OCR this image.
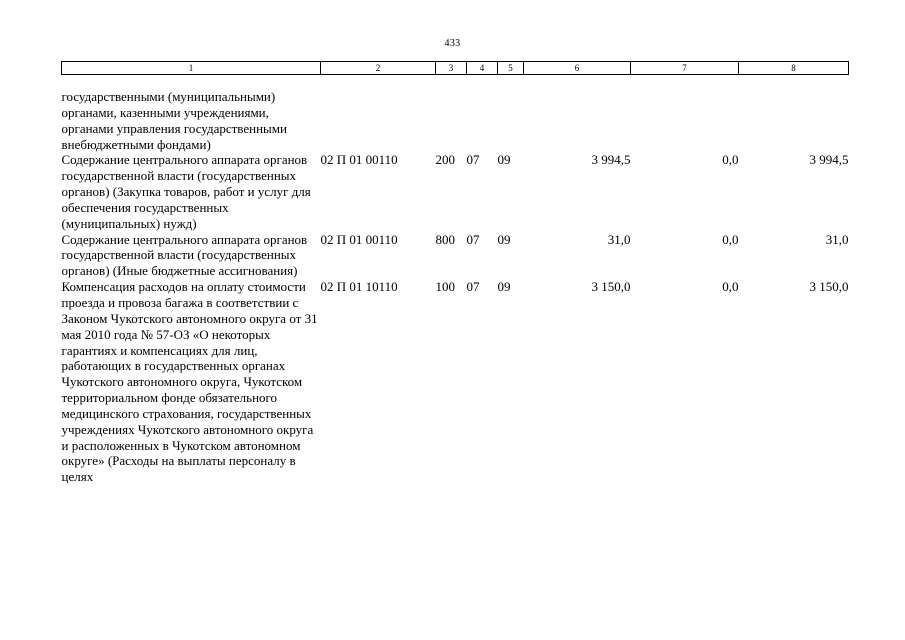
433
1	2	3	4	5	6	7	8
государственными (муниципальными) органами, казенными учреждениями, органами управления государственными внебюджетными фондами)							
Содержание центрального аппарата органов государственной власти (государственных органов) (Закупка товаров, работ и услуг для обеспечения государственных (муниципальных) нужд)	02 П 01 00110	200	07	09	3 994,5	0,0	3 994,5
Содержание центрального аппарата органов государственной власти (государственных органов) (Иные бюджетные ассигнования)	02 П 01 00110	800	07	09	31,0	0,0	31,0
Компенсация расходов на оплату стоимости проезда и провоза багажа в соответствии с Законом Чукотского автономного округа от 31 мая 2010 года № 57-ОЗ «О некоторых гарантиях и компенсациях для лиц, работающих в государственных органах Чукотского автономного округа, Чукотском территориальном фонде обязательного медицинского страхования, государственных учреждениях Чукотского автономного округа и расположенных в Чукотском автономном округе» (Расходы на выплаты персоналу в целях	02 П 01 10110	100	07	09	3 150,0	0,0	3 150,0
